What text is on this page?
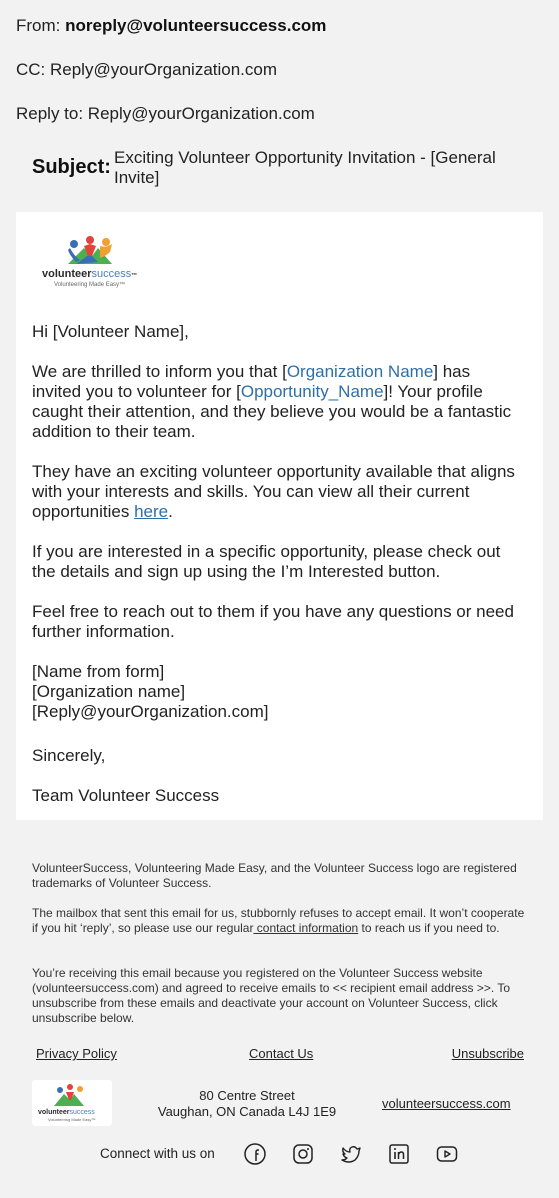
From: noreply@volunteersuccess.com
CC: Reply@yourOrganization.com
Reply to: Reply@yourOrganization.com
Subject: Exciting Volunteer Opportunity Invitation - [General Invite]
volunteersuccess™
Volunteering Made Easy™
Hi [Volunteer Name],
We are thrilled to inform you that [Organization Name] has invited you to volunteer for [Opportunity_Name]! Your profile caught their attention, and they believe you would be a fantastic addition to their team.
They have an exciting volunteer opportunity available that aligns with your interests and skills. You can view all their current opportunities here.
If you are interested in a specific opportunity, please check out the details and sign up using the I’m Interested button.
Feel free to reach out to them if you have any questions or need further information.
[Name from form]
[Organization name]
[Reply@yourOrganization.com]
Sincerely,
Team Volunteer Success
VolunteerSuccess, Volunteering Made Easy, and the Volunteer Success logo are registered trademarks of Volunteer Success.
The mailbox that sent this email for us, stubbornly refuses to accept email. It won’t cooperate if you hit ‘reply’, so please use our regular contact information to reach us if you need to.
You’re receiving this email because you registered on the Volunteer Success website (volunteersuccess.com) and agreed to receive emails to << recipient email address >>. To unsubscribe from these emails and deactivate your account on Volunteer Success, click unsubscribe below.
Privacy Policy	Contact Us	Unsubscribe
volunteersuccess
Volunteering Made Easy™
80 Centre Street
Vaughan, ON Canada L4J 1E9
volunteersuccess.com
Connect with us on
